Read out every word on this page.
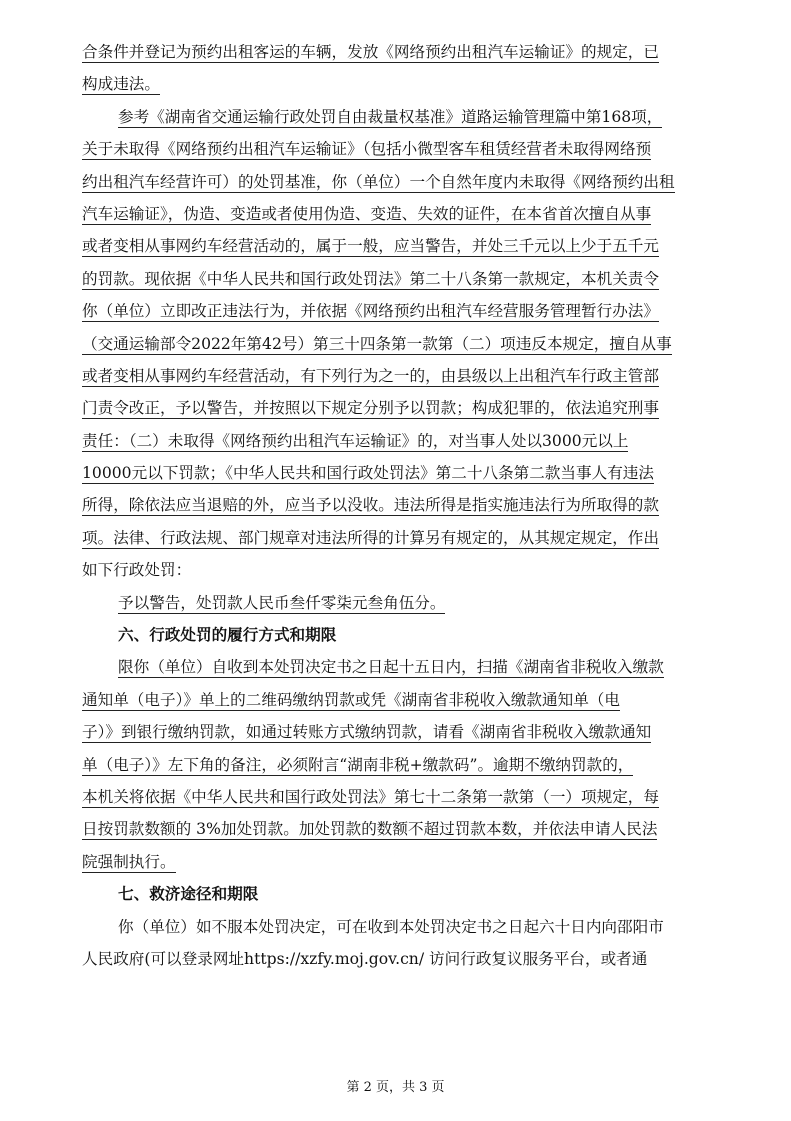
合条件并登记为预约出租客运的车辆，发放《网络预约出租汽车运输证》的规定，已
构成违法。
参考《湖南省交通运输行政处罚自由裁量权基准》道路运输管理篇中第168项，
关于未取得《网络预约出租汽车运输证》（包括小微型客车租赁经营者未取得网络预
约出租汽车经营许可）的处罚基准，你（单位）一个自然年度内未取得《网络预约出租
汽车运输证》，伪造、变造或者使用伪造、变造、失效的证件，在本省首次擅自从事
或者变相从事网约车经营活动的，属于一般，应当警告，并处三千元以上少于五千元
的罚款。现依据《中华人民共和国行政处罚法》第二十八条第一款规定，本机关责令
你（单位）立即改正违法行为，并依据《网络预约出租汽车经营服务管理暂行办法》
（交通运输部令2022年第42号）第三十四条第一款第（二）项违反本规定，擅自从事
或者变相从事网约车经营活动，有下列行为之一的，由县级以上出租汽车行政主管部
门责令改正，予以警告，并按照以下规定分别予以罚款；构成犯罪的，依法追究刑事
责任：（二）未取得《网络预约出租汽车运输证》的，对当事人处以3000元以上
10000元以下罚款；《中华人民共和国行政处罚法》第二十八条第二款当事人有违法
所得，除依法应当退赔的外，应当予以没收。违法所得是指实施违法行为所取得的款
项。法律、行政法规、部门规章对违法所得的计算另有规定的，从其规定规定，作出
如下行政处罚：
予以警告，处罚款人民币叁仟零柒元叁角伍分。
六、行政处罚的履行方式和期限
限你（单位）自收到本处罚决定书之日起十五日内，扫描《湖南省非税收入缴款
通知单（电子）》单上的二维码缴纳罚款或凭《湖南省非税收入缴款通知单（电
子）》到银行缴纳罚款，如通过转账方式缴纳罚款，请看《湖南省非税收入缴款通知
单（电子）》左下角的备注，必须附言“湖南非税+缴款码”。逾期不缴纳罚款的，
本机关将依据《中华人民共和国行政处罚法》第七十二条第一款第（一）项规定，每
日按罚款数额的 3%加处罚款。加处罚款的数额不超过罚款本数，并依法申请人民法
院强制执行。
七、救济途径和期限
你（单位）如不服本处罚决定，可在收到本处罚决定书之日起六十日内向邵阳市
人民政府(可以登录网址https://xzfy.moj.gov.cn/ 访问行政复议服务平台，或者通
第 2 页，共 3 页
